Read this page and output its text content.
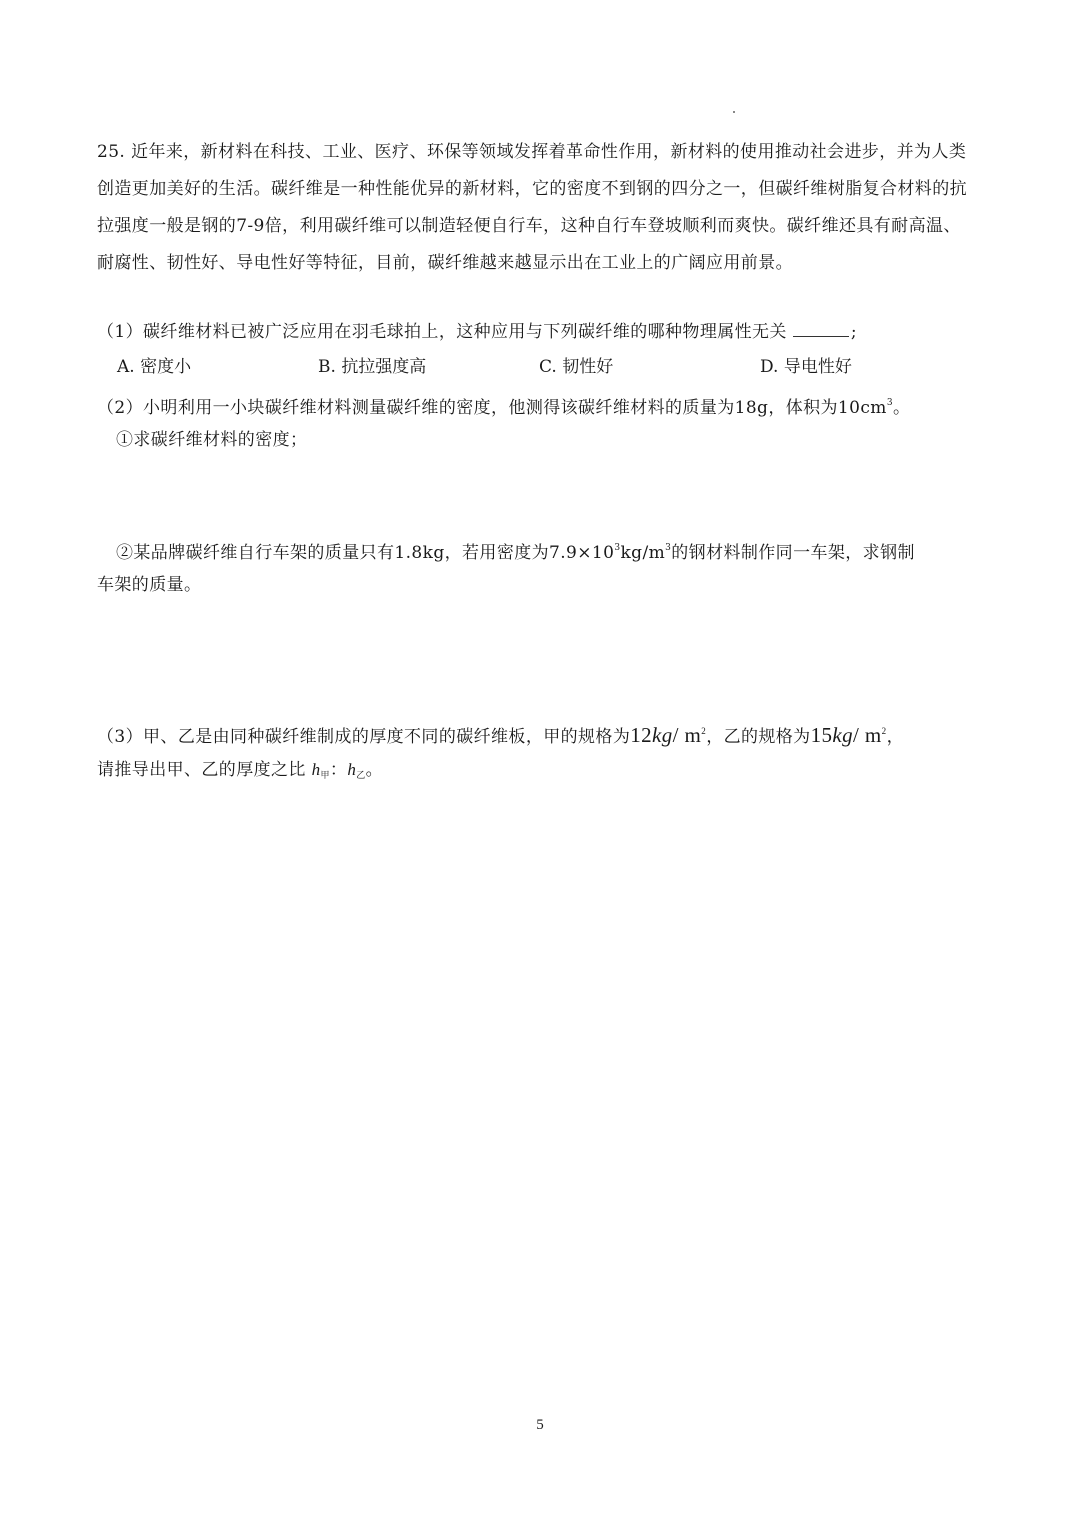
25. 近年来，新材料在科技、工业、医疗、环保等领域发挥着革命性作用，新材料的使用推动社会进步，并为人类创造更加美好的生活。碳纤维是一种性能优异的新材料，它的密度不到钢的四分之一，但碳纤维树脂复合材料的抗拉强度一般是钢的7-9倍，利用碳纤维可以制造轻便自行车，这种自行车登坡顺利而爽快。碳纤维还具有耐高温、耐腐性、韧性好、导电性好等特征，目前，碳纤维越来越显示出在工业上的广阔应用前景。
（1）碳纤维材料已被广泛应用在羽毛球拍上，这种应用与下列碳纤维的哪种物理属性无关	;
A. 密度小	B. 抗拉强度高	C. 韧性好	D. 导电性好
（2）小明利用一小块碳纤维材料测量碳纤维的密度，他测得该碳纤维材料的质量为18g，体积为$10cm^3$。
①求碳纤维材料的密度；
②某品牌碳纤维自行车架的质量只有1.8kg，若用密度为$7.9\times 10^3kg/m^3$的钢材料制作同一车架，求钢制
车架的质量。
（3）甲、乙是由同种碳纤维制成的厚度不同的碳纤维板，甲的规格为12kg/ $m^2$，乙的规格为15kg/ $m^2$，
请推导出甲、乙的厚度之比 $h_甲$：$h_乙$。
5
